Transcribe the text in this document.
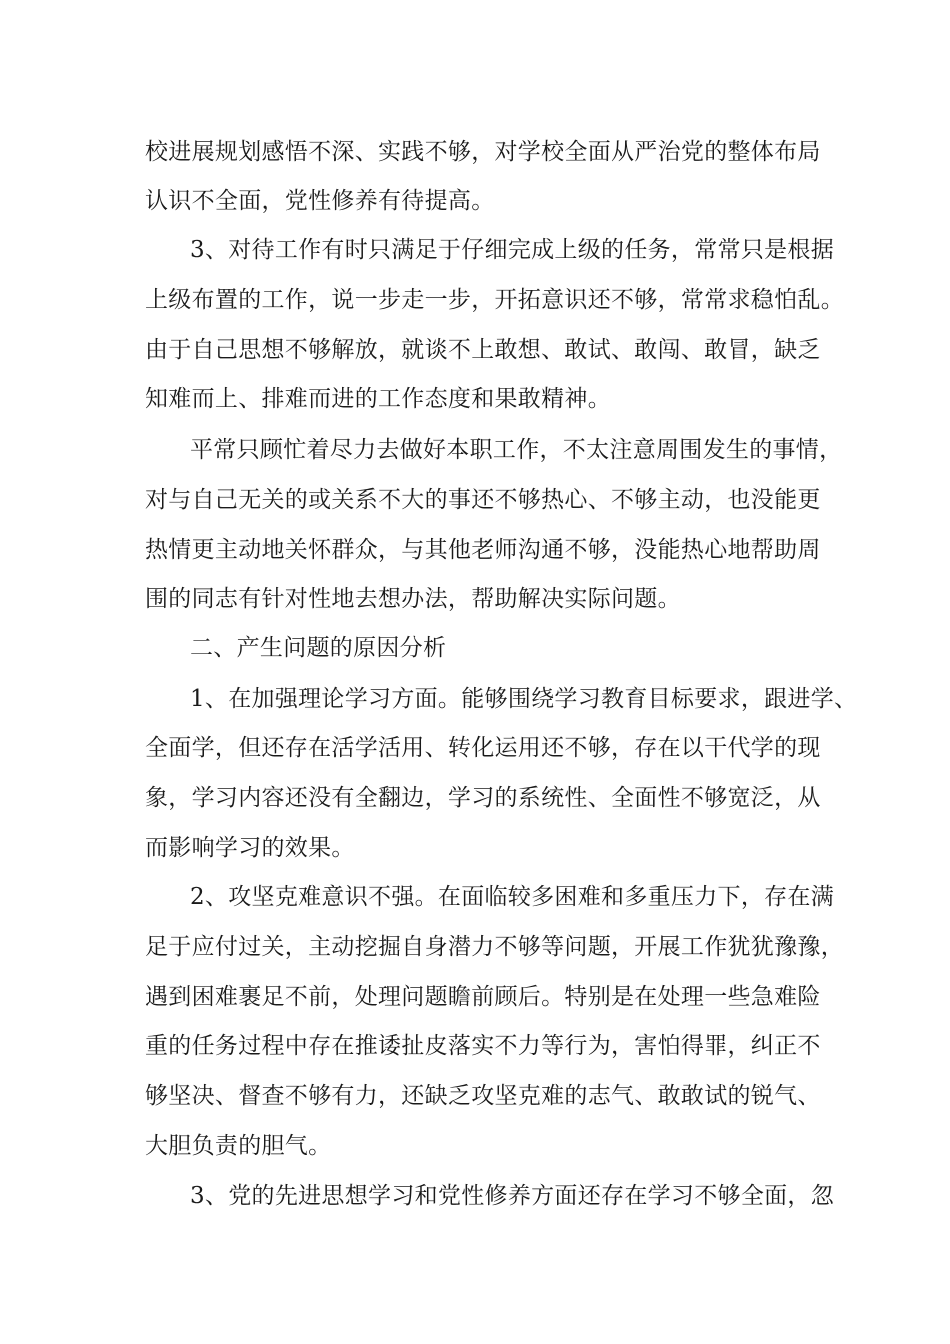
校进展规划感悟不深、实践不够，对学校全面从严治党的整体布局
认识不全面，党性修养有待提高。
3、对待工作有时只满足于仔细完成上级的任务，常常只是根据
上级布置的工作，说一步走一步，开拓意识还不够，常常求稳怕乱。
由于自己思想不够解放，就谈不上敢想、敢试、敢闯、敢冒，缺乏
知难而上、排难而进的工作态度和果敢精神。
平常只顾忙着尽力去做好本职工作，不太注意周围发生的事情，
对与自己无关的或关系不大的事还不够热心、不够主动，也没能更
热情更主动地关怀群众，与其他老师沟通不够，没能热心地帮助周
围的同志有针对性地去想办法，帮助解决实际问题。
二、产生问题的原因分析
1、在加强理论学习方面。能够围绕学习教育目标要求，跟进学、
全面学，但还存在活学活用、转化运用还不够，存在以干代学的现
象，学习内容还没有全翻边，学习的系统性、全面性不够宽泛，从
而影响学习的效果。
2、攻坚克难意识不强。在面临较多困难和多重压力下，存在满
足于应付过关，主动挖掘自身潜力不够等问题，开展工作犹犹豫豫，
遇到困难裹足不前，处理问题瞻前顾后。特别是在处理一些急难险
重的任务过程中存在推诿扯皮落实不力等行为，害怕得罪，纠正不
够坚决、督查不够有力，还缺乏攻坚克难的志气、敢敢试的锐气、
大胆负责的胆气。
3、党的先进思想学习和党性修养方面还存在学习不够全面，忽
